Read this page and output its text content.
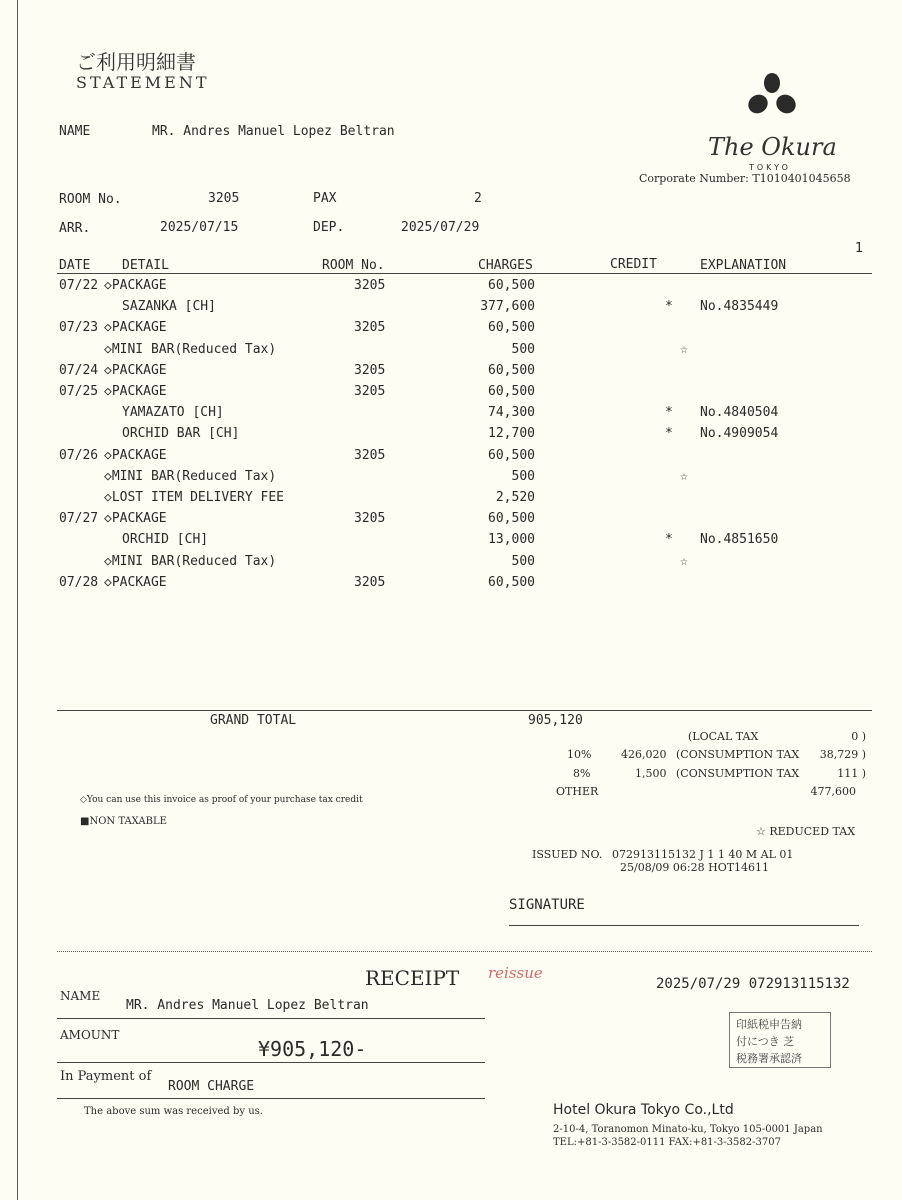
ご利用明細書
STATEMENT
The Okura
TOKYO
Corporate Number: T1010401045658
NAME	MR. Andres Manuel Lopez Beltran
ROOM No.	3205	PAX	2
ARR.	2025/07/15	DEP.	2025/07/29
1
DATE DETAIL	ROOM No.	CHARGES	CREDIT	EXPLANATION
07/22 ◇PACKAGE	3205	60,500
SAZANKA [CH]	377,600	* No.4835449
07/23 ◇PACKAGE	3205	60,500
◇MINI BAR(Reduced Tax)	500	☆
07/24 ◇PACKAGE	3205	60,500
07/25 ◇PACKAGE	3205	60,500
YAMAZATO [CH]	74,300	* No.4840504
ORCHID BAR [CH]	12,700	* No.4909054
07/26 ◇PACKAGE	3205	60,500
◇MINI BAR(Reduced Tax)	500	☆
◇LOST ITEM DELIVERY FEE	2,520
07/27 ◇PACKAGE	3205	60,500
ORCHID [CH]	13,000	* No.4851650
◇MINI BAR(Reduced Tax)	500	☆
07/28 ◇PACKAGE	3205	60,500
GRAND TOTAL	905,120
(LOCAL TAX	0 )
10%	426,020 (CONSUMPTION TAX	38,729 )
8%	1,500 (CONSUMPTION TAX	111 )
OTHER	477,600
◇You can use this invoice as proof of your purchase tax credit
■NON TAXABLE
☆ REDUCED TAX
ISSUED NO. 072913115132 J 1 1 40 M AL 01
25/08/09 06:28 HOT14611
SIGNATURE
RECEIPT reissue
2025/07/29 072913115132
NAME
MR. Andres Manuel Lopez Beltran
AMOUNT
¥905,120-
In Payment of
ROOM CHARGE
The above sum was received by us.
印紙税申告納
付につき 芝
税務署承認済
Hotel Okura Tokyo Co.,Ltd
2-10-4, Toranomon Minato-ku, Tokyo 105-0001 Japan
TEL:+81-3-3582-0111 FAX:+81-3-3582-3707
